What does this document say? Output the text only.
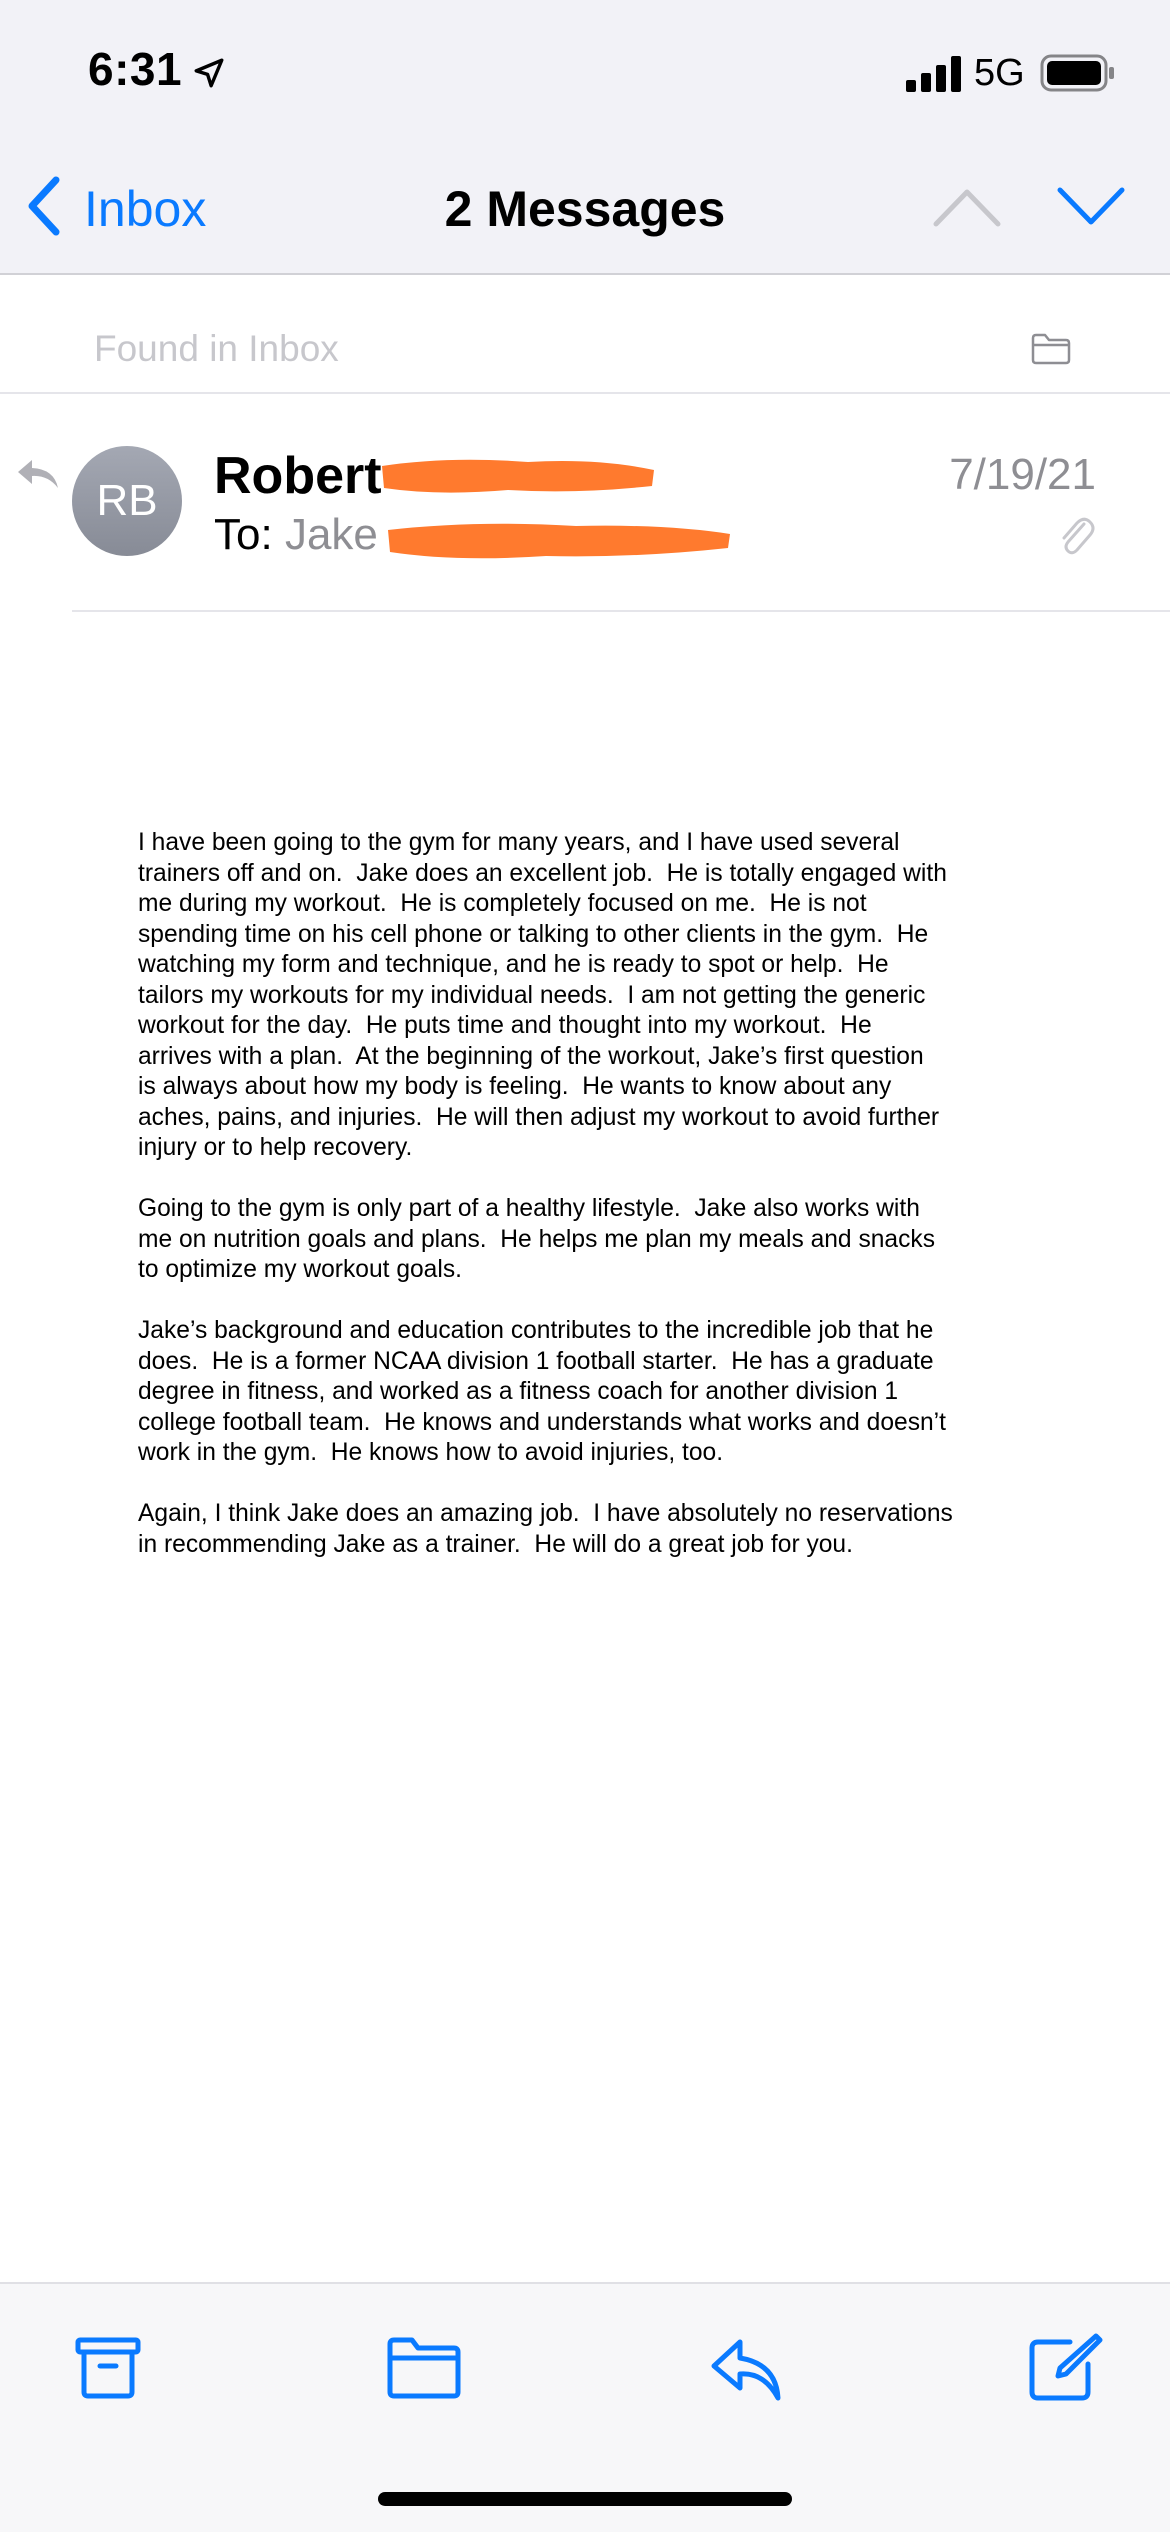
6:31	5G
Inbox	2 Messages
Found in Inbox
RB Robert
To: Jake
7/19/21

I have been going to the gym for many years, and I have used several
trainers off and on.  Jake does an excellent job.  He is totally engaged with
me during my workout.  He is completely focused on me.  He is not
spending time on his cell phone or talking to other clients in the gym.  He
watching my form and technique, and he is ready to spot or help.  He
tailors my workouts for my individual needs.  I am not getting the generic
workout for the day.  He puts time and thought into my workout.  He
arrives with a plan.  At the beginning of the workout, Jake’s first question
is always about how my body is feeling.  He wants to know about any
aches, pains, and injuries.  He will then adjust my workout to avoid further
injury or to help recovery.

Going to the gym is only part of a healthy lifestyle.  Jake also works with
me on nutrition goals and plans.  He helps me plan my meals and snacks
to optimize my workout goals.

Jake’s background and education contributes to the incredible job that he
does.  He is a former NCAA division 1 football starter.  He has a graduate
degree in fitness, and worked as a fitness coach for another division 1
college football team.  He knows and understands what works and doesn’t
work in the gym.  He knows how to avoid injuries, too.

Again, I think Jake does an amazing job.  I have absolutely no reservations
in recommending Jake as a trainer.  He will do a great job for you.
